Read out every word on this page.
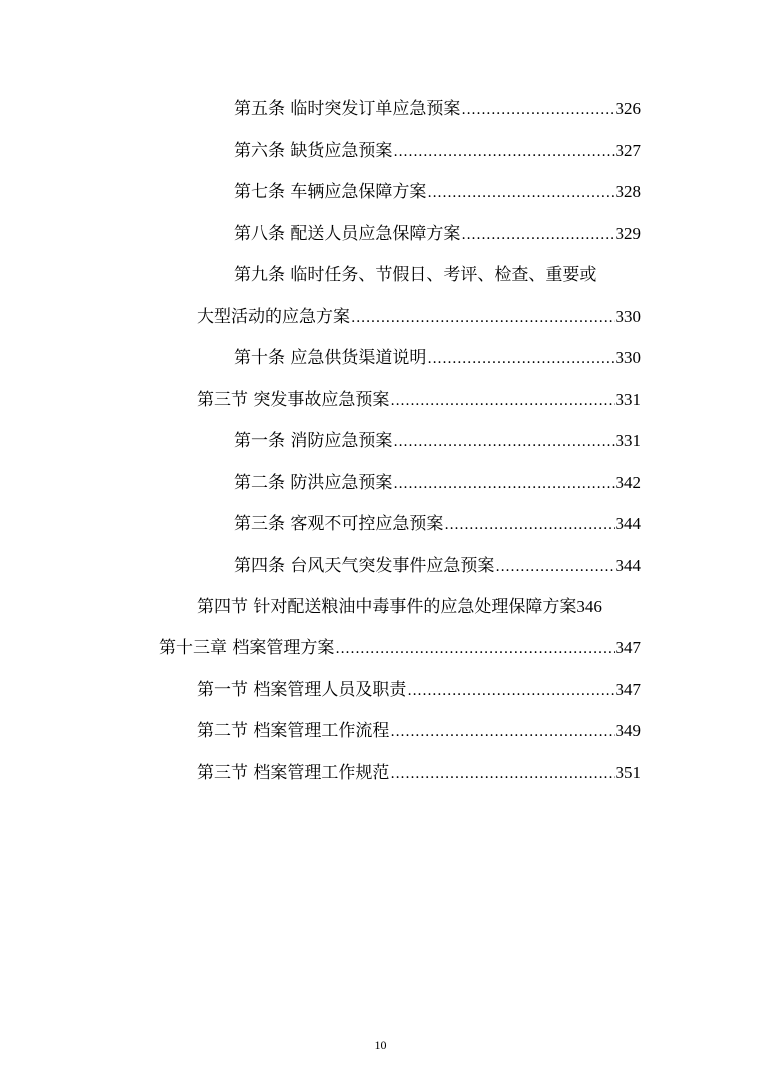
第五条 临时突发订单应急预案 .....	326
第六条 缺货应急预案 .....	327
第七条 车辆应急保障方案 .....	328
第八条 配送人员应急保障方案 .....	329
第九条 临时任务、节假日、考评、检查、重要或
大型活动的应急方案 .....	330
第十条 应急供货渠道说明 .....	330
第三节 突发事故应急预案 .....	331
第一条 消防应急预案 .....	331
第二条 防洪应急预案 .....	342
第三条 客观不可控应急预案 .....	344
第四条 台风天气突发事件应急预案 .....	344
第四节 针对配送粮油中毒事件的应急处理保障方案 346
第十三章 档案管理方案 .....	347
第一节 档案管理人员及职责 .....	347
第二节 档案管理工作流程 .....	349
第三节 档案管理工作规范 .....	351
10
